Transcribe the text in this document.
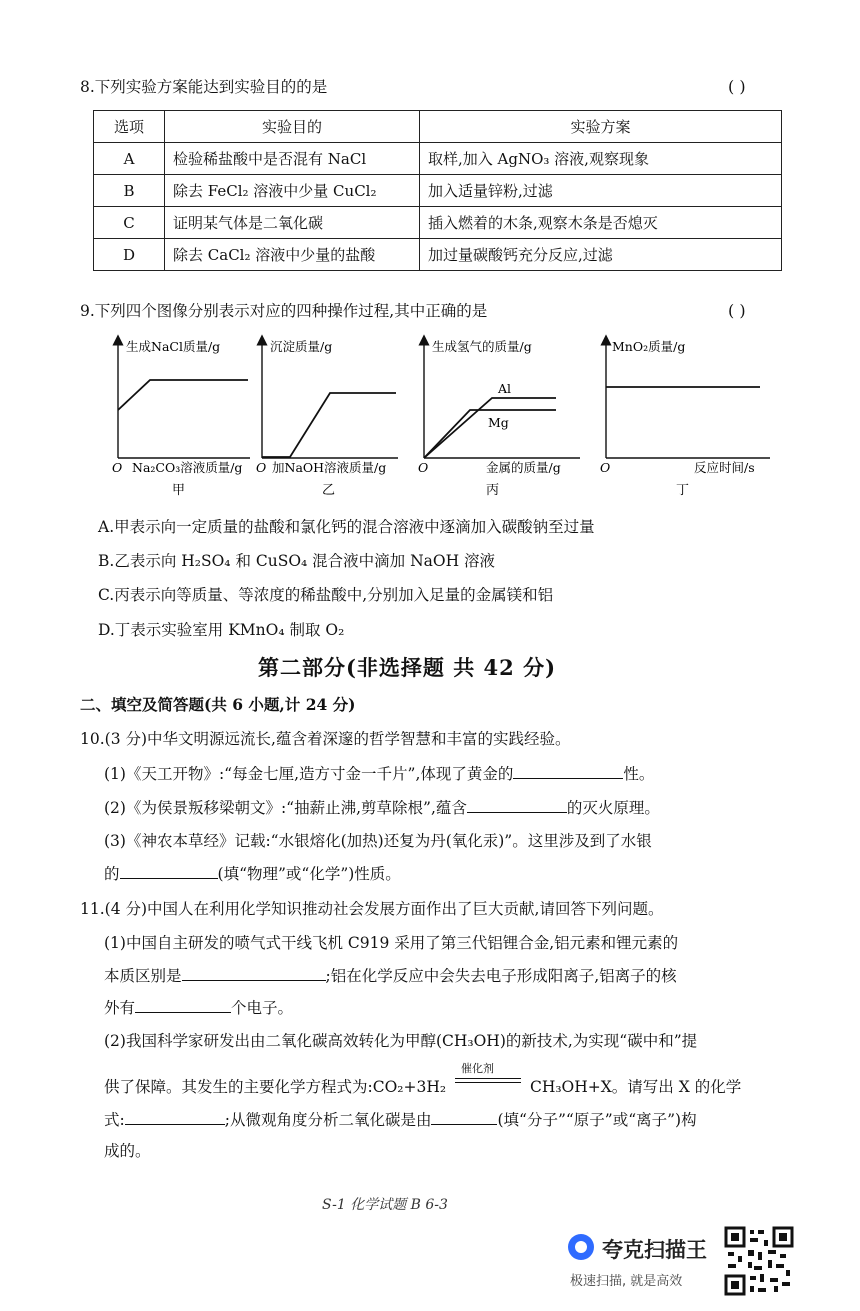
8.下列实验方案能达到实验目的的是	( )
选项	实验目的	实验方案
A	检验稀盐酸中是否混有 NaCl	取样,加入 AgNO₃ 溶液,观察现象
B	除去 FeCl₂ 溶液中少量 CuCl₂	加入适量锌粉,过滤
C	证明某气体是二氧化碳	插入燃着的木条,观察木条是否熄灭
D	除去 CaCl₂ 溶液中少量的盐酸	加过量碳酸钙充分反应,过滤
9.下列四个图像分别表示对应的四种操作过程,其中正确的是	( )
生成NaCl质量/g
O Na₂CO₃溶液质量/g
甲
沉淀质量/g
O 加NaOH溶液质量/g
乙
生成氢气的质量/g
Al
Mg
O	金属的质量/g
丙
MnO₂质量/g
O	反应时间/s
丁
A.甲表示向一定质量的盐酸和氯化钙的混合溶液中逐滴加入碳酸钠至过量
B.乙表示向 H₂SO₄ 和 CuSO₄ 混合液中滴加 NaOH 溶液
C.丙表示向等质量、等浓度的稀盐酸中,分别加入足量的金属镁和铝
D.丁表示实验室用 KMnO₄ 制取 O₂
第二部分(非选择题 共 42 分)
二、填空及简答题(共 6 小题,计 24 分)
10.(3 分)中华文明源远流长,蕴含着深邃的哲学智慧和丰富的实践经验。
(1)《天工开物》:“每金七厘,造方寸金一千片”,体现了黄金的	性。
(2)《为侯景叛移梁朝文》:“抽薪止沸,剪草除根”,蕴含	的灭火原理。
(3)《神农本草经》记载:“水银熔化(加热)还复为丹(氧化汞)”。这里涉及到了水银
的	(填“物理”或“化学”)性质。
11.(4 分)中国人在利用化学知识推动社会发展方面作出了巨大贡献,请回答下列问题。
(1)中国自主研发的喷气式干线飞机 C919 采用了第三代铝锂合金,铝元素和锂元素的
本质区别是	;铝在化学反应中会失去电子形成阳离子,铝离子的核
外有	个电子。
(2)我国科学家研发出由二氧化碳高效转化为甲醇(CH₃OH)的新技术,为实现“碳中和”提
供了保障。其发生的主要化学方程式为:CO₂+3H₂
催化剂
CH₃OH+X。请写出 X 的化学
式:	;从微观角度分析二氧化碳是由	(填“分子”“原子”或“离子”)构
成的。
S-1 化学试题 B 6-3
夸克扫描王
极速扫描, 就是高效
